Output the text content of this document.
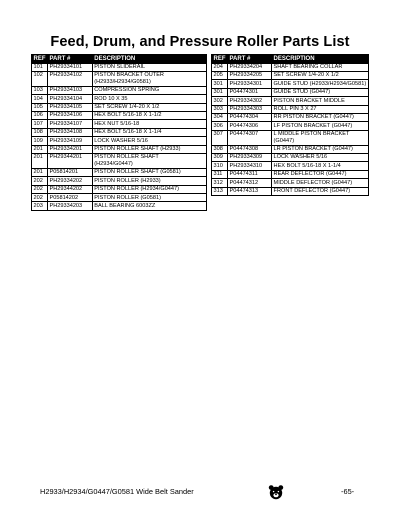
Feed, Drum, and Pressure Roller Parts List
REF	PART #	DESCRIPTION
101	PH29334101	PISTON SLIDERAIL
102	PH29334102	PISTON BRACKET OUTER
(H2933/H2934/G0581)
103	PH29334103	COMPRESSION SPRING
104	PH29334104	ROD 10 X 35
105	PH29334105	SET SCREW 1/4-20 X 1/2
106	PH29334106	HEX BOLT 5/16-18 X 1-1/2
107	PH29334107	HEX NUT 5/16-18
108	PH29334108	HEX BOLT 5/16-18 X 1-1/4
109	PH29334109	LOCK WASHER 5/16
201	PH29334201	PISTON ROLLER SHAFT (H2933)
201	PH29344201	PISTON ROLLER SHAFT
(H2934/G0447)
201	P05814201	PISTON ROLLER SHAFT (G0581)
202	PH29334202	PISTON ROLLER (H2933)
202	PH29344202	PISTON ROLLER (H2934/G0447)
202	P05814202	PISTON ROLLER (G0581)
203	PH29334203	BALL BEARING 6003ZZ
REF	PART #	DESCRIPTION
204	PH29334204	SHAFT BEARING COLLAR
205	PH29334205	SET SCREW 1/4-20 X 1/2
301	PH29334301	GUIDE STUD (H2933/H2934/G0581)

301	P04474301	GUIDE STUD (G0447)
302	PH29334302	PISTON BRACKET MIDDLE
303	PH29334303	ROLL PIN 3 X 27
304	P04474304	RR PISTON BRACKET (G0447)
306	P04474306	LF PISTON BRACKET (G0447)
307	P04474307	L MIDDLE PISTON BRACKET
(G0447)
308	P04474308	LR PISTON BRACKET (G0447)
309	PH29334309	LOCK WASHER 5/16
310	PH29334310	HEX BOLT 5/16-18 X 1-1/4
311	P04474311	REAR DEFLECTOR (G0447)
312	P04474312	MIDDLE DEFLECTOR (G0447)
313	P04474313	FRONT DEFLECTOR (G0447)
H2933/H2934/G0447/G0581 Wide Belt Sander	-65-
